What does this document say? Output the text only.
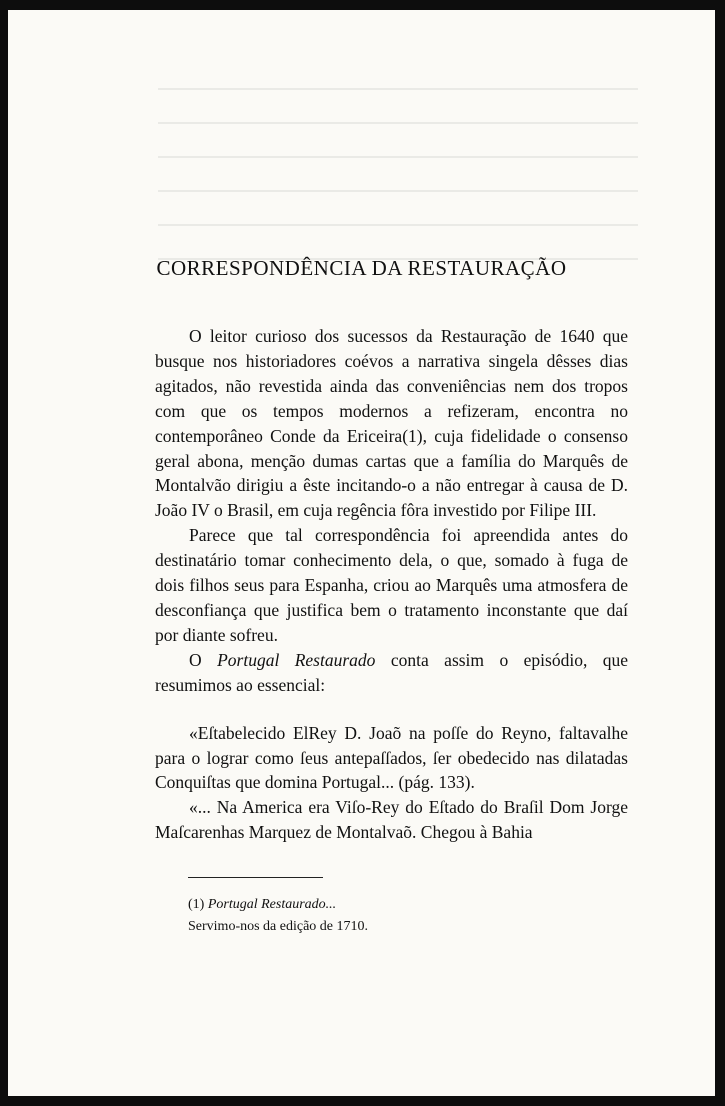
CORRESPONDÊNCIA DA RESTAURAÇÃO

O leitor curioso dos sucessos da Restauração de 1640 que busque nos historiadores coévos a narrativa singela dêsses dias agitados, não revestida ainda das conveniências nem dos tropos com que os tempos modernos a refizeram, encontra no contemporâneo Conde da Ericeira(1), cuja fidelidade o consenso geral abona, menção dumas cartas que a família do Marquês de Montalvão dirigiu a êste incitando-o a não entregar à causa de D. João IV o Brasil, em cuja regência fôra investido por Filipe III.

Parece que tal correspondência foi apreendida antes do destinatário tomar conhecimento dela, o que, somado à fuga de dois filhos seus para Espanha, criou ao Marquês uma atmosfera de desconfiança que justifica bem o tratamento inconstante que daí por diante sofreu.

O Portugal Restaurado conta assim o episódio, que resumimos ao essencial:

«Eſtabelecido ElRey D. Joaõ na poſſe do Reyno, faltavalhe para o lograr como ſeus antepaſſados, ſer obedecido nas dilatadas Conquiſtas que domina Portugal... (pág. 133).

«... Na America era Viſo-Rey do Eſtado do Braſil Dom Jorge Maſcarenhas Marquez de Montalvaõ. Chegou à Bahia

(1) Portugal Restaurado...

Servimo-nos da edição de 1710.
